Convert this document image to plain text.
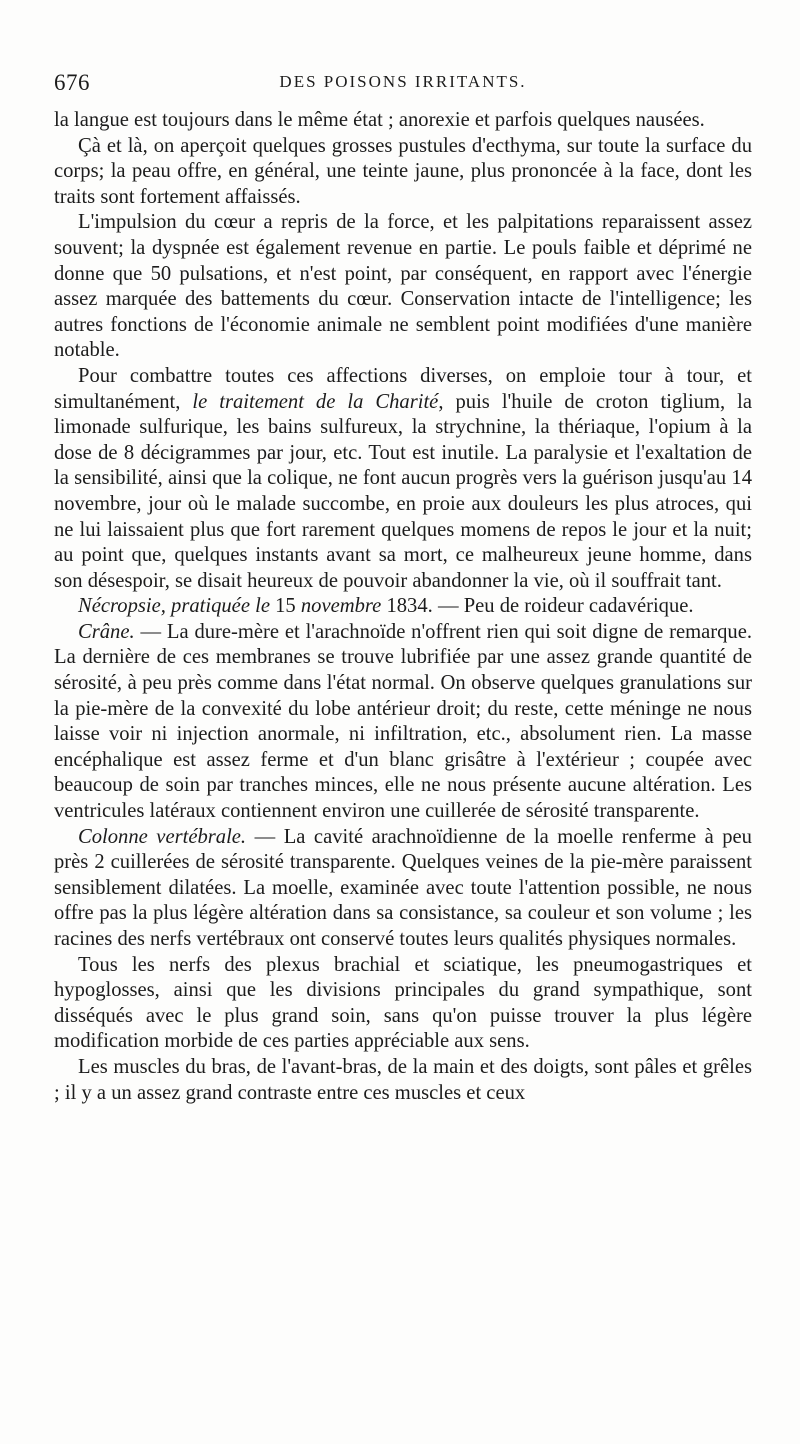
676	DES POISONS IRRITANTS.

la langue est toujours dans le même état ; anorexie et parfois quelques nausées.

Çà et là, on aperçoit quelques grosses pustules d'ecthyma, sur toute la surface du corps; la peau offre, en général, une teinte jaune, plus prononcée à la face, dont les traits sont fortement affaissés.

L'impulsion du cœur a repris de la force, et les palpitations reparaissent assez souvent; la dyspnée est également revenue en partie. Le pouls faible et déprimé ne donne que 50 pulsations, et n'est point, par conséquent, en rapport avec l'énergie assez marquée des battements du cœur. Conservation intacte de l'intelligence; les autres fonctions de l'économie animale ne semblent point modifiées d'une manière notable.

Pour combattre toutes ces affections diverses, on emploie tour à tour, et simultanément, le traitement de la Charité, puis l'huile de croton tiglium, la limonade sulfurique, les bains sulfureux, la strychnine, la thériaque, l'opium à la dose de 8 décigrammes par jour, etc. Tout est inutile. La paralysie et l'exaltation de la sensibilité, ainsi que la colique, ne font aucun progrès vers la guérison jusqu'au 14 novembre, jour où le malade succombe, en proie aux douleurs les plus atroces, qui ne lui laissaient plus que fort rarement quelques momens de repos le jour et la nuit; au point que, quelques instants avant sa mort, ce malheureux jeune homme, dans son désespoir, se disait heureux de pouvoir abandonner la vie, où il souffrait tant.

Nécropsie, pratiquée le 15 novembre 1834. — Peu de roideur cadavérique.

Crâne. — La dure-mère et l'arachnoïde n'offrent rien qui soit digne de remarque. La dernière de ces membranes se trouve lubrifiée par une assez grande quantité de sérosité, à peu près comme dans l'état normal. On observe quelques granulations sur la pie-mère de la convexité du lobe antérieur droit; du reste, cette méninge ne nous laisse voir ni injection anormale, ni infiltration, etc., absolument rien. La masse encéphalique est assez ferme et d'un blanc grisâtre à l'extérieur ; coupée avec beaucoup de soin par tranches minces, elle ne nous présente aucune altération. Les ventricules latéraux contiennent environ une cuillerée de sérosité transparente.

Colonne vertébrale. — La cavité arachnoïdienne de la moelle renferme à peu près 2 cuillerées de sérosité transparente. Quelques veines de la pie-mère paraissent sensiblement dilatées. La moelle, examinée avec toute l'attention possible, ne nous offre pas la plus légère altération dans sa consistance, sa couleur et son volume ; les racines des nerfs vertébraux ont conservé toutes leurs qualités physiques normales.

Tous les nerfs des plexus brachial et sciatique, les pneumogastriques et hypoglosses, ainsi que les divisions principales du grand sympathique, sont disséqués avec le plus grand soin, sans qu'on puisse trouver la plus légère modification morbide de ces parties appréciable aux sens.

Les muscles du bras, de l'avant-bras, de la main et des doigts, sont pâles et grêles ; il y a un assez grand contraste entre ces muscles et ceux
